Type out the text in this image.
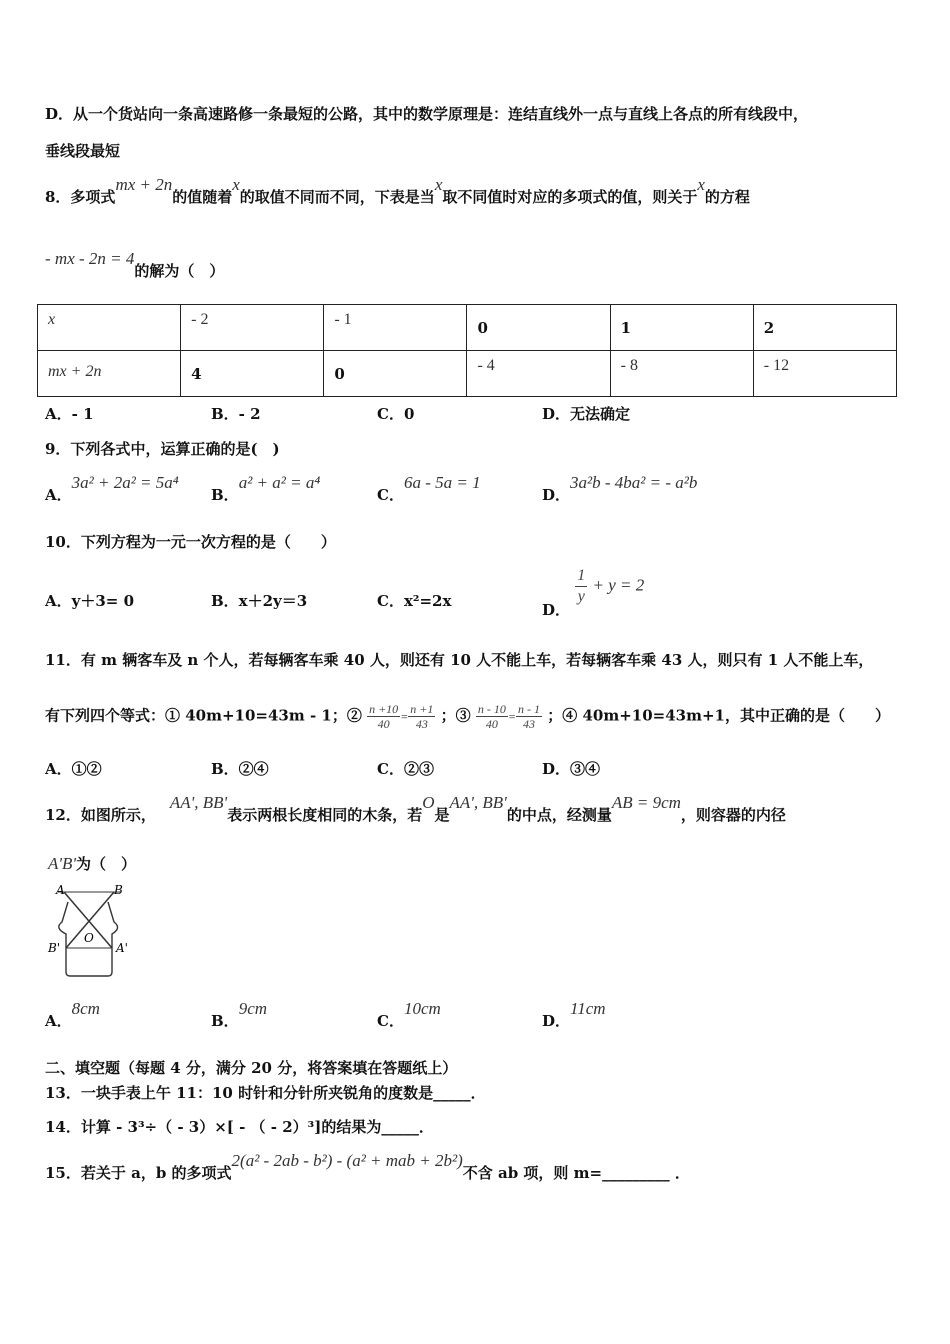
D．从一个货站向一条高速路修一条最短的公路，其中的数学原理是：连结直线外一点与直线上各点的所有线段中，
垂线段最短
8．多项式mx + 2n的值随着x的取值不同而不同，下表是当x取不同值时对应的多项式的值，则关于x的方程
- mx - 2n = 4的解为（　）
x	- 2	- 1	0	1	2
mx + 2n	4	0	- 4	- 8	- 12
A．- 1	B．- 2	C．0	D．无法确定
9．下列各式中，运算正确的是(　)
A．3a² + 2a² = 5a⁴
B．a² + a² = a⁴
C．6a - 5a = 1
D．3a²b - 4ba² = - a²b
10．下列方程为一元一次方程的是（　　）
A．y＋3= 0	B．x＋2y＝3	C．x²=2x	D．
$\frac{1}{y} + y = 2$
11．有 m 辆客车及 n 个人，若每辆客车乘 40 人，则还有 10 人不能上车，若每辆客车乘 43 人，则只有 1 人不能上车，
有下列四个等式：① 40m+10=43m - 1；② $\frac{n +10}{40} = \frac{n +1}{43}$ ；③ $\frac{n - 10}{40} = \frac{n - 1}{43}$ ；④ 40m+10=43m+1，其中正确的是（　　）
A．①②	B．②④	C．②③	D．③④
12．如图所示，AA', BB'表示两根长度相同的木条，若O是AA', BB'的中点，经测量AB = 9cm，则容器的内径
A'B'为（　）
A	B
O
B'	A'
A．8cm
B．9cm
C．10cm
D．11cm
二、填空题（每题 4 分，满分 20 分，将答案填在答题纸上）
13．一块手表上午 11：10 时针和分针所夹锐角的度数是_____．
14．计算 - 3³÷（ - 3）×[ - （ - 2）³]的结果为_____．
15．若关于 a，b 的多项式2(a² - 2ab - b²) - (a² + mab + 2b²)不含 ab 项，则 m=_________ ．
